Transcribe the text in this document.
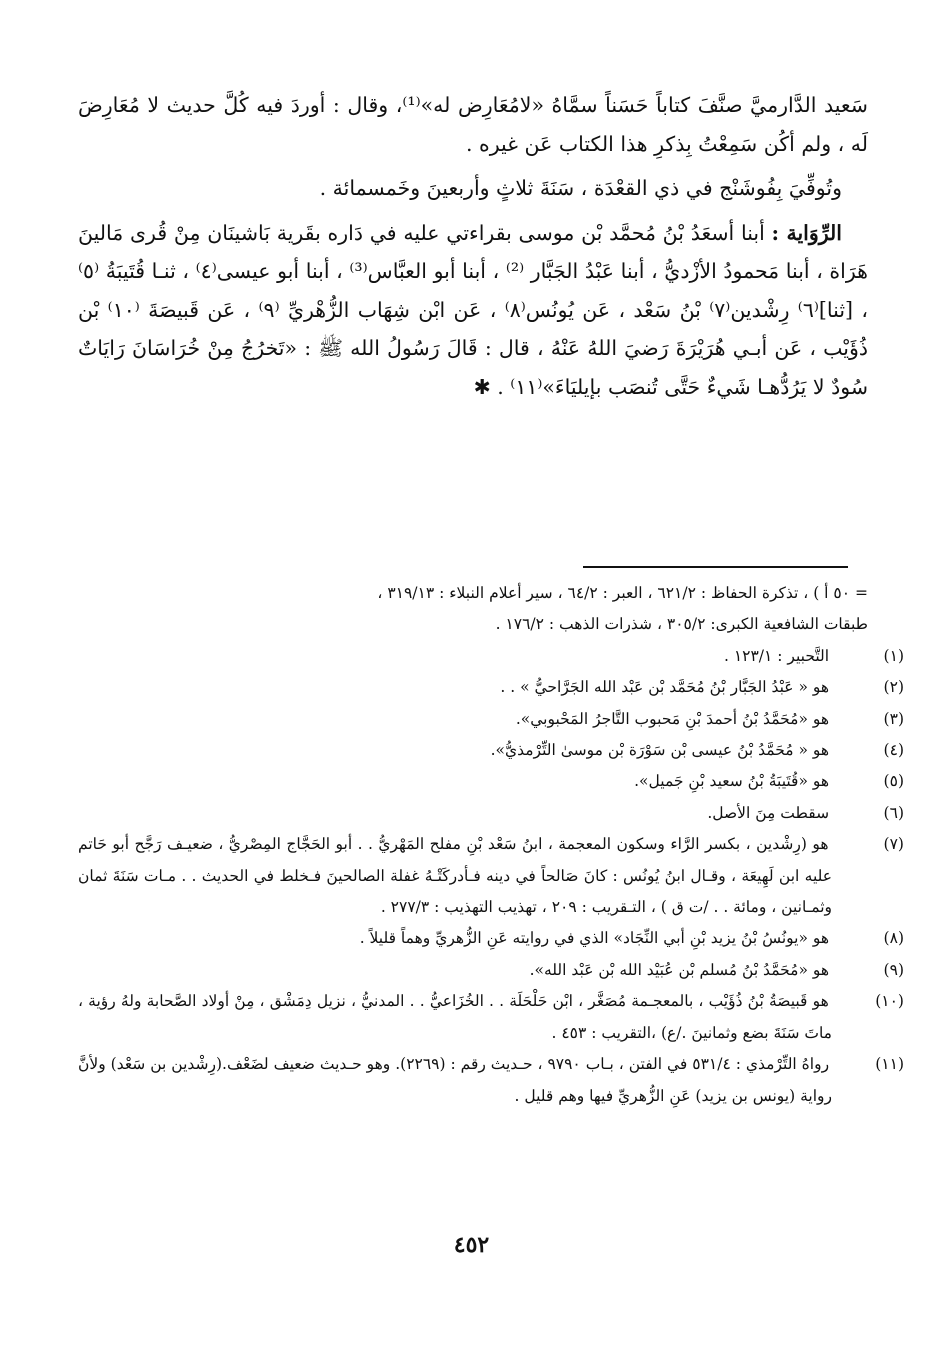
سَعيد الدَّارميَّ صنَّفَ كتاباً حَسَناً سمَّاهُ «لامُعَارِض له»⁽¹⁾، وقال : أوردَ فيه كُلَّ حديث لا مُعَارِضَ لَه ، ولم أكُن سَمِعْتُ بِذكرِ هذا الكتاب عَن غيره .

وتُوفِّيَ بِفُوشَنْج في ذي القعْدَة ، سَنَةَ ثلاثٍ وأربعينَ وخَمسمائة .

الرِّوَاية : أبنا أسعَدُ بْنُ مُحمَّد بْن موسى بقراءتي عليه في دَاره بقَرية بَاشينَان مِنْ قُرى مَالينَ هَرَاة ، أبنا مَحمودُ الأزْديُّ ، أبنا عَبْدُ الجَبَّار ⁽²⁾ ، أبنا أبو العبَّاس⁽³⁾ ، أبنا أبو عيسى⁽٤⁾ ، ثنـا قُتَيبَةُ ⁽٥⁾ ، [ثنا]⁽٦⁾ رِشْدين⁽٧⁾ بْنُ سَعْد ، عَن يُونُس⁽٨⁾ ، عَن ابْن شِهَاب الزُّهْريِّ ⁽٩⁾ ، عَن قَبيصَةَ ⁽١٠⁾ بْن ذُؤَيْب ، عَن أبـي هُرَيْرَةَ رَضيَ اللهُ عَنْهُ ، قال : قَالَ رَسُولُ الله ﷺ : «تَخرُجُ مِنْ خُرَاسَانَ رَايَاتٌ سُودٌ لا يَرُدُّهـا شَيءٌ حَتَّى تُنصَب بإيليَاءَ»⁽١١⁾ . ✱

= ٥٠ أ ) ، تذكرة الحفاظ : ٦٢١/٢ ، العبر : ٦٤/٢ ، سير أعلام النبلاء : ٣١٩/١٣ ،

طبقات الشافعية الكبرى: ٣٠٥/٢ ، شذرات الذهب : ١٧٦/٢ .

(١) التَّحبير : ١٢٣/١ .

(٢) هو « عَبْدُ الجَبَّار بْنُ مُحَمَّد بْن عَبْد الله الجَرَّاحيُّ » . .

(٣) هو «مُحَمَّدُ بْنُ أحمدَ بْنِ مَحبوب التَّاجرُ المَحْبوبي».

(٤) هو « مُحَمَّدُ بْنُ عيسى بْن سَوْرَة بْن موسىٰ التِّرْمذيُّ».

(٥) هو «قُتَيبَةُ بْنُ سعيد بْنِ جَميل».

(٦) سقطت مِنَ الأصل.

(٧) هو (رِشْدين ، بكسر الرَّاء وسكون المعجمة ، ابنُ سَعْد بْنِ مفلح المَهْريُّ . . أبو الحَجَّاج المِصْريُّ ، ضعيـف رَجَّح أبو حَاتم عليه ابن لَهِيعَة ، وقـال ابنُ يُونُس : كانَ صَالحاً في دينه فـأدركَتْـهُ غفلة الصالحينَ فـخلط في الحديث . . مـات سَنَةَ ثمان وثمـانين ، ومائة . . /ت ق ) ، التـقريب : ٢٠٩ ، تهذيب التهذيب : ٢٧٧/٣ .

(٨) هو «يونُسُ بْنُ يزيد بْنِ أبي النِّجَاد» الذي في روايته عَنِ الزُّهريِّ وهماً قليلاً .

(٩) هو «مُحَمَّدُ بْنُ مُسلم بْن عُبَيْد الله بْن عَبْد الله».

(١٠) هو قَبيصَةُ بْنُ ذُؤَيْب ، بالمعجـمة مُصَغَّر ، ابْن حَلْحَلَة . . الخُزَاعيُّ . . المدنيُّ ، نزيل دِمَشْق ، مِنْ أولاد الصَّحابة ولهُ رؤية ، ماتَ سَنَةَ بضع وثمانينَ ./ع) ،التقريب : ٤٥٣ .

(١١) رواهُ التِّرْمذي : ٥٣١/٤ في الفتن ، بـاب ٩٧٩٠ ، حـديث رقم : (٢٢٦٩). وهو حـديث ضعيف لضَعْف.(رِشْدين بن سَعْد) ولأنَّ رواية (يونس بن يزيد) عَنِ الزُّهريِّ فيها وهم قليل .

٤٥٢
